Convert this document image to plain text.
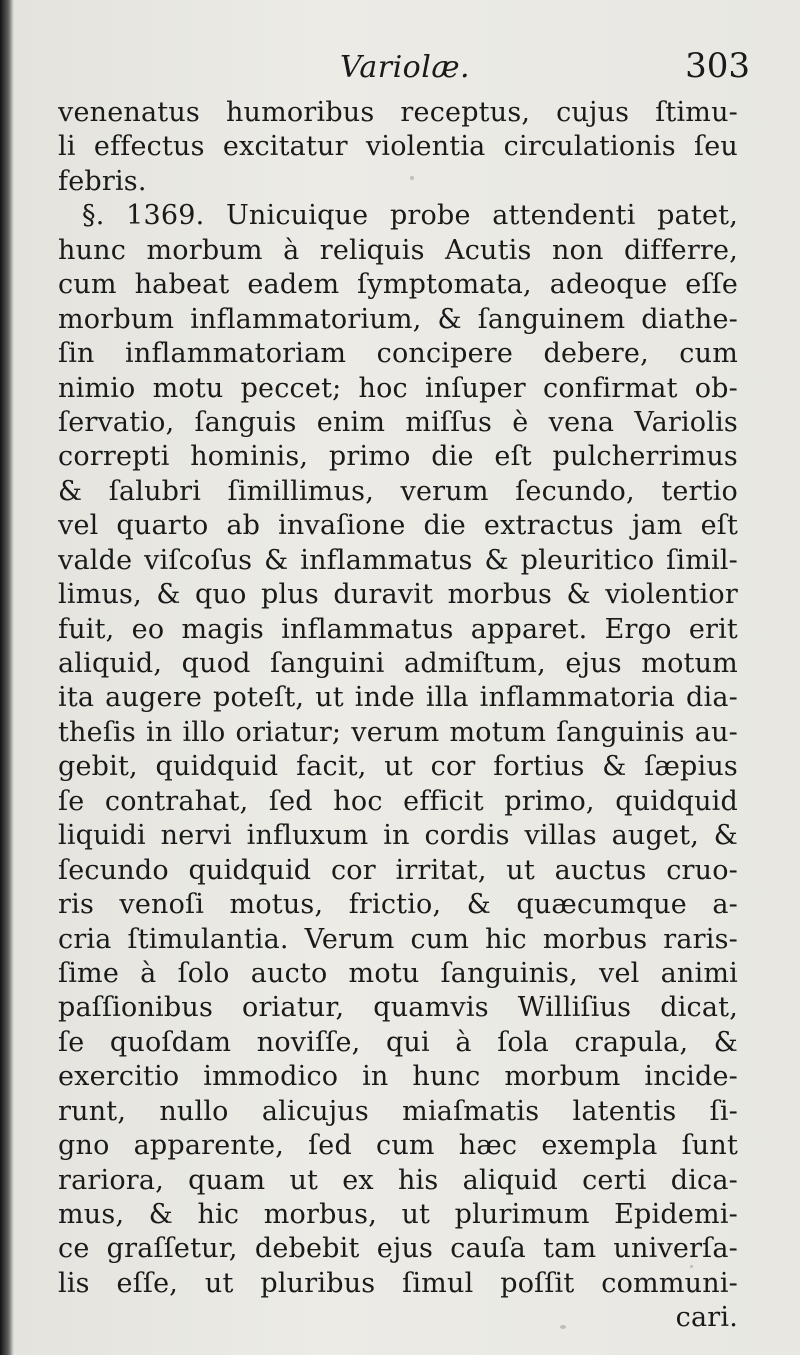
Variolæ.	303
venenatus humoribus receptus, cujus ſtimu-
li effectus excitatur violentia circulationis ſeu
febris.
§. 1369. Unicuique probe attendenti patet,
hunc morbum à reliquis Acutis non differre,
cum habeat eadem ſymptomata, adeoque eſſe
morbum inflammatorium, & ſanguinem diathe-
ſin inflammatoriam concipere debere, cum
nimio motu peccet; hoc inſuper confirmat ob-
ſervatio, ſanguis enim miſſus è vena Variolis
correpti hominis, primo die eſt pulcherrimus
& ſalubri ſimillimus, verum ſecundo, tertio
vel quarto ab invaſione die extractus jam eſt
valde viſcoſus & inflammatus & pleuritico ſimil-
limus, & quo plus duravit morbus & violentior
fuit, eo magis inflammatus apparet. Ergo erit
aliquid, quod ſanguini admiſtum, ejus motum
ita augere poteſt, ut inde illa inflammatoria dia-
theſis in illo oriatur; verum motum ſanguinis au-
gebit, quidquid facit, ut cor fortius & ſæpius
ſe contrahat, ſed hoc efficit primo, quidquid
liquidi nervi influxum in cordis villas auget, &
ſecundo quidquid cor irritat, ut auctus cruo-
ris venoſi motus, frictio, & quæcumque a-
cria ſtimulantia. Verum cum hic morbus raris-
ſime à ſolo aucto motu ſanguinis, vel animi
paſſionibus oriatur, quamvis Williſius dicat,
ſe quoſdam noviſſe, qui à ſola crapula, &
exercitio immodico in hunc morbum incide-
runt, nullo alicujus miaſmatis latentis ſi-
gno apparente, ſed cum hæc exempla ſunt
rariora, quam ut ex his aliquid certi dica-
mus, & hic morbus, ut plurimum Epidemi-
ce graſſetur, debebit ejus cauſa tam univerſa-
lis eſſe, ut pluribus ſimul poſſit communi-
cari.
